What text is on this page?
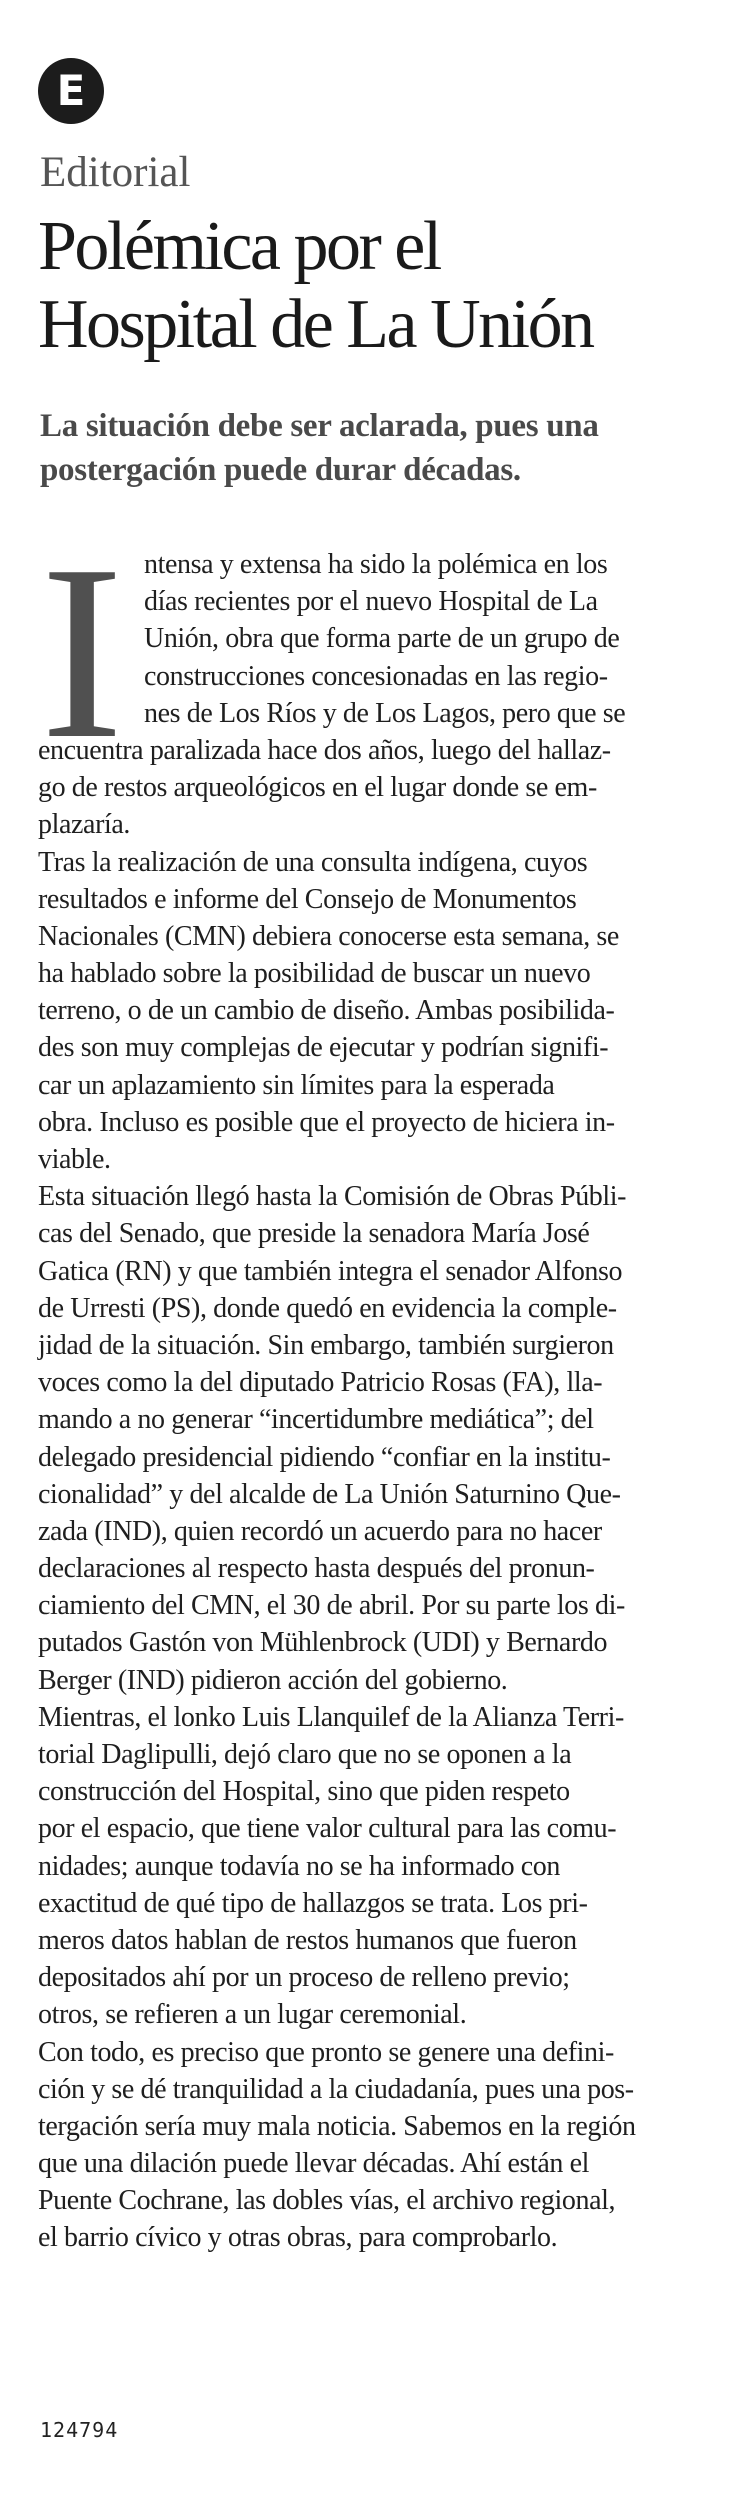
E
Editorial
Polémica por el
Hospital de La Unión
La situación debe ser aclarada, pues una
postergación puede durar décadas.
I ntensa y extensa ha sido la polémica en los
días recientes por el nuevo Hospital de La
Unión, obra que forma parte de un grupo de
construcciones concesionadas en las regio-
nes de Los Ríos y de Los Lagos, pero que se
encuentra paralizada hace dos años, luego del hallaz-
go de restos arqueológicos en el lugar donde se em-
plazaría.
Tras la realización de una consulta indígena, cuyos
resultados e informe del Consejo de Monumentos
Nacionales (CMN) debiera conocerse esta semana, se
ha hablado sobre la posibilidad de buscar un nuevo
terreno, o de un cambio de diseño. Ambas posibilida-
des son muy complejas de ejecutar y podrían signifi-
car un aplazamiento sin límites para la esperada
obra. Incluso es posible que el proyecto de hiciera in-
viable.
Esta situación llegó hasta la Comisión de Obras Públi-
cas del Senado, que preside la senadora María José
Gatica (RN) y que también integra el senador Alfonso
de Urresti (PS), donde quedó en evidencia la comple-
jidad de la situación. Sin embargo, también surgieron
voces como la del diputado Patricio Rosas (FA), lla-
mando a no generar “incertidumbre mediática”; del
delegado presidencial pidiendo “confiar en la institu-
cionalidad” y del alcalde de La Unión Saturnino Que-
zada (IND), quien recordó un acuerdo para no hacer
declaraciones al respecto hasta después del pronun-
ciamiento del CMN, el 30 de abril. Por su parte los di-
putados Gastón von Mühlenbrock (UDI) y Bernardo
Berger (IND) pidieron acción del gobierno.
Mientras, el lonko Luis Llanquilef de la Alianza Terri-
torial Daglipulli, dejó claro que no se oponen a la
construcción del Hospital, sino que piden respeto
por el espacio, que tiene valor cultural para las comu-
nidades; aunque todavía no se ha informado con
exactitud de qué tipo de hallazgos se trata. Los pri-
meros datos hablan de restos humanos que fueron
depositados ahí por un proceso de relleno previo;
otros, se refieren a un lugar ceremonial.
Con todo, es preciso que pronto se genere una defini-
ción y se dé tranquilidad a la ciudadanía, pues una pos-
tergación sería muy mala noticia. Sabemos en la región
que una dilación puede llevar décadas. Ahí están el
Puente Cochrane, las dobles vías, el archivo regional,
el barrio cívico y otras obras, para comprobarlo.
124794
